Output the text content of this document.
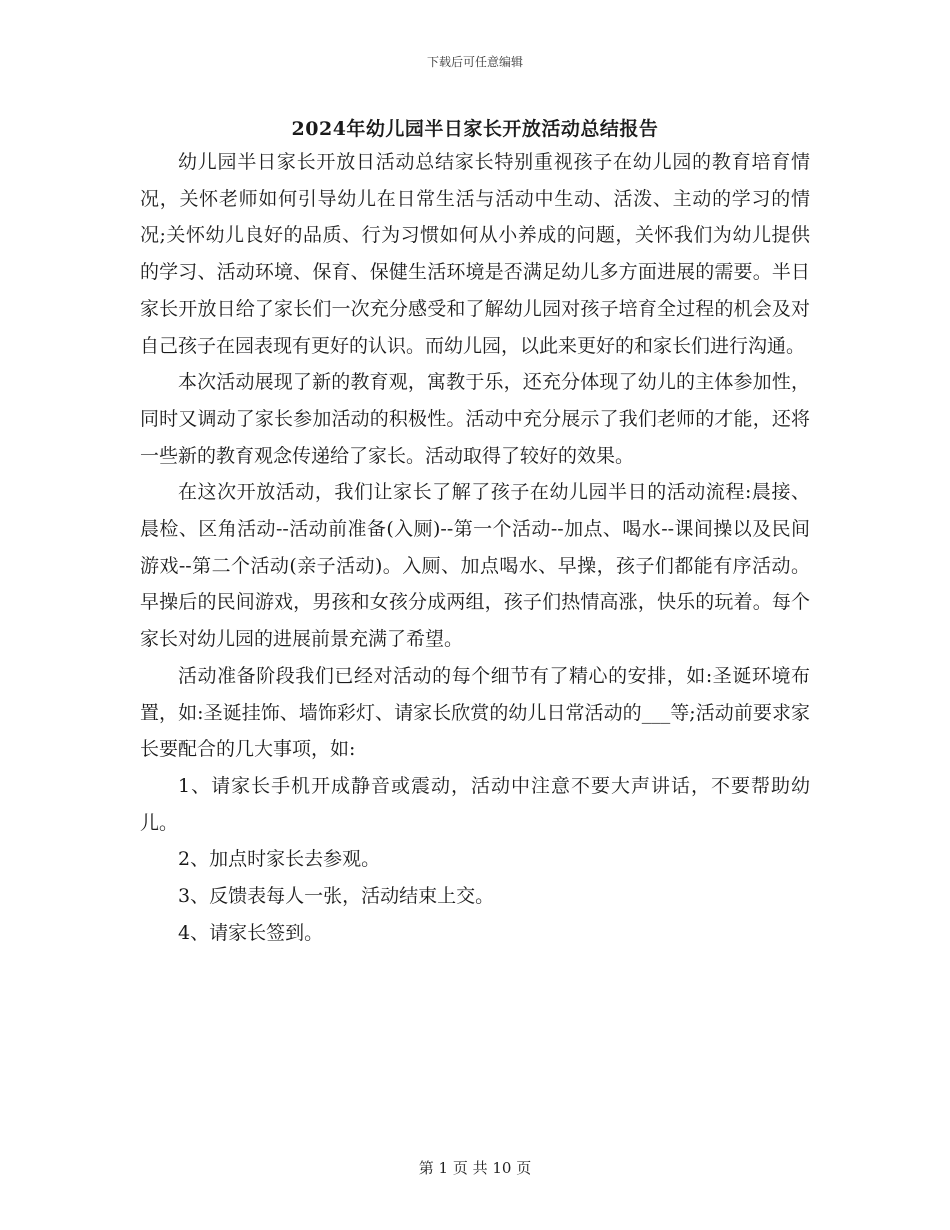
下载后可任意编辑
2024年幼儿园半日家长开放活动总结报告

幼儿园半日家长开放日活动总结家长特别重视孩子在幼儿园的教育培育情况，关怀老师如何引导幼儿在日常生活与活动中生动、活泼、主动的学习的情况;关怀幼儿良好的品质、行为习惯如何从小养成的问题，关怀我们为幼儿提供的学习、活动环境、保育、保健生活环境是否满足幼儿多方面进展的需要。半日家长开放日给了家长们一次充分感受和了解幼儿园对孩子培育全过程的机会及对自己孩子在园表现有更好的认识。而幼儿园，以此来更好的和家长们进行沟通。

本次活动展现了新的教育观，寓教于乐，还充分体现了幼儿的主体参加性，同时又调动了家长参加活动的积极性。活动中充分展示了我们老师的才能，还将一些新的教育观念传递给了家长。活动取得了较好的效果。

在这次开放活动，我们让家长了解了孩子在幼儿园半日的活动流程:晨接、晨检、区角活动--活动前准备(入厕)--第一个活动--加点、喝水--课间操以及民间游戏--第二个活动(亲子活动)。入厕、加点喝水、早操，孩子们都能有序活动。早操后的民间游戏，男孩和女孩分成两组，孩子们热情高涨，快乐的玩着。每个家长对幼儿园的进展前景充满了希望。

活动准备阶段我们已经对活动的每个细节有了精心的安排，如:圣诞环境布置，如:圣诞挂饰、墙饰彩灯、请家长欣赏的幼儿日常活动的___等;活动前要求家长要配合的几大事项，如:

1、请家长手机开成静音或震动，活动中注意不要大声讲话，不要帮助幼儿。

2、加点时家长去参观。

3、反馈表每人一张，活动结束上交。

4、请家长签到。

第 1 页 共 10 页
